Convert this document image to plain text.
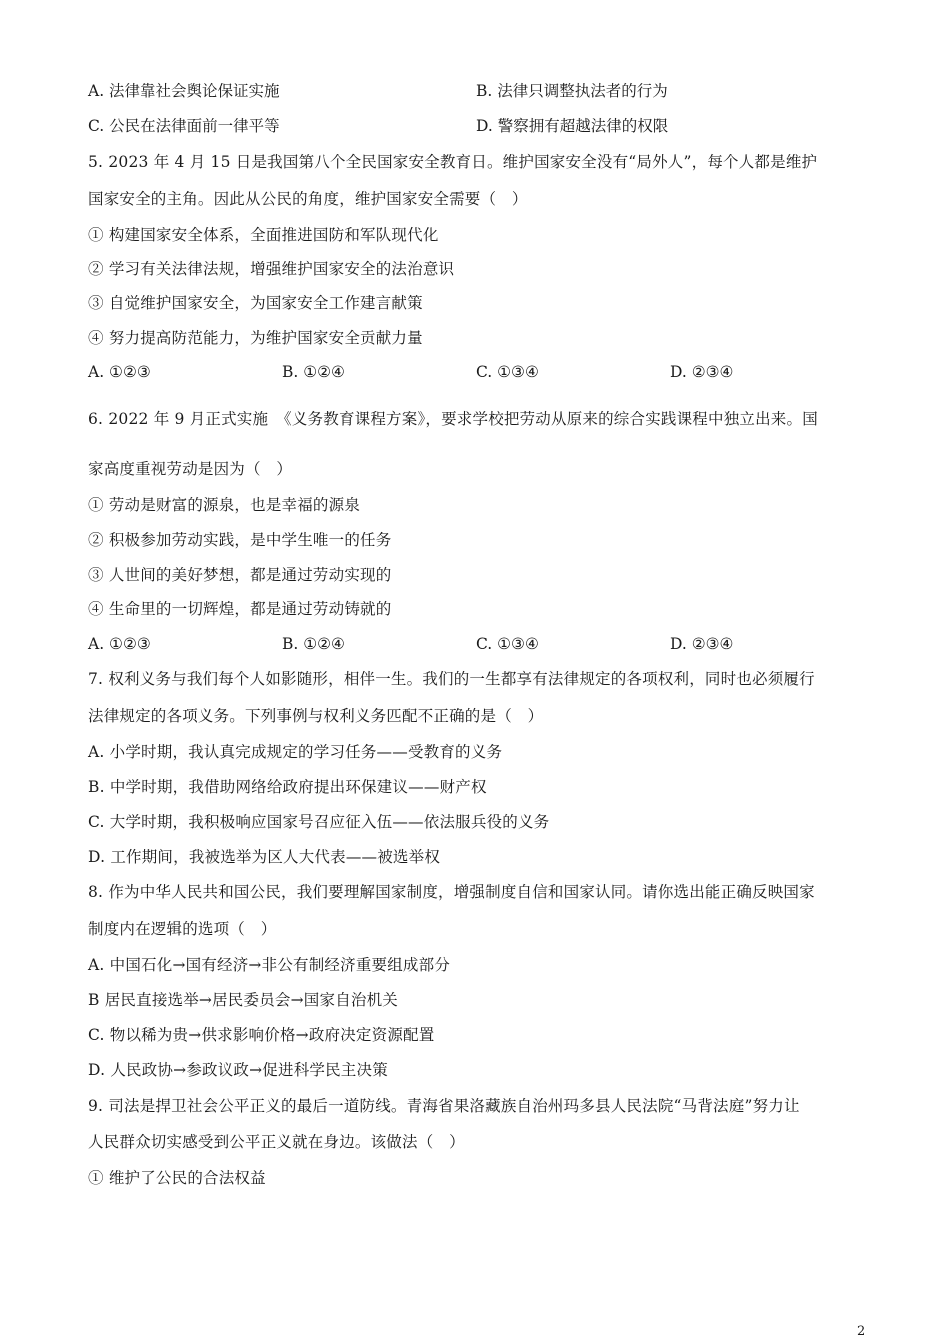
A. 法律靠社会舆论保证实施	B. 法律只调整执法者的行为
C. 公民在法律面前一律平等	D. 警察拥有超越法律的权限
5. 2023 年 4 月 15 日是我国第八个全民国家安全教育日。维护国家安全没有“局外人”，每个人都是维护
国家安全的主角。因此从公民的角度，维护国家安全需要（　）
① 构建国家安全体系，全面推进国防和军队现代化
② 学习有关法律法规，增强维护国家安全的法治意识
③ 自觉维护国家安全，为国家安全工作建言献策
④ 努力提高防范能力，为维护国家安全贡献力量
A. ①②③	B. ①②④	C. ①③④	D. ②③④
6. 2022 年 9 月正式实施　《义务教育课程方案》，要求学校把劳动从原来的综合实践课程中独立出来。国
家高度重视劳动是因为（　）
① 劳动是财富的源泉，也是幸福的源泉
② 积极参加劳动实践，是中学生唯一的任务
③ 人世间的美好梦想，都是通过劳动实现的
④ 生命里的一切辉煌，都是通过劳动铸就的
A. ①②③	B. ①②④	C. ①③④	D. ②③④
7. 权利义务与我们每个人如影随形，相伴一生。我们的一生都享有法律规定的各项权利，同时也必须履行
法律规定的各项义务。下列事例与权利义务匹配不正确的是（　）
A. 小学时期，我认真完成规定的学习任务——受教育的义务
B. 中学时期，我借助网络给政府提出环保建议——财产权
C. 大学时期，我积极响应国家号召应征入伍——依法服兵役的义务
D. 工作期间，我被选举为区人大代表——被选举权
8. 作为中华人民共和国公民，我们要理解国家制度，增强制度自信和国家认同。请你选出能正确反映国家
制度内在逻辑的选项（　）
A. 中国石化→国有经济→非公有制经济重要组成部分
B 居民直接选举→居民委员会→国家自治机关
C. 物以稀为贵→供求影响价格→政府决定资源配置
D. 人民政协→参政议政→促进科学民主决策
9. 司法是捍卫社会公平正义的最后一道防线。青海省果洛藏族自治州玛多县人民法院“马背法庭”努力让
人民群众切实感受到公平正义就在身边。该做法（　）
① 维护了公民的合法权益
2
